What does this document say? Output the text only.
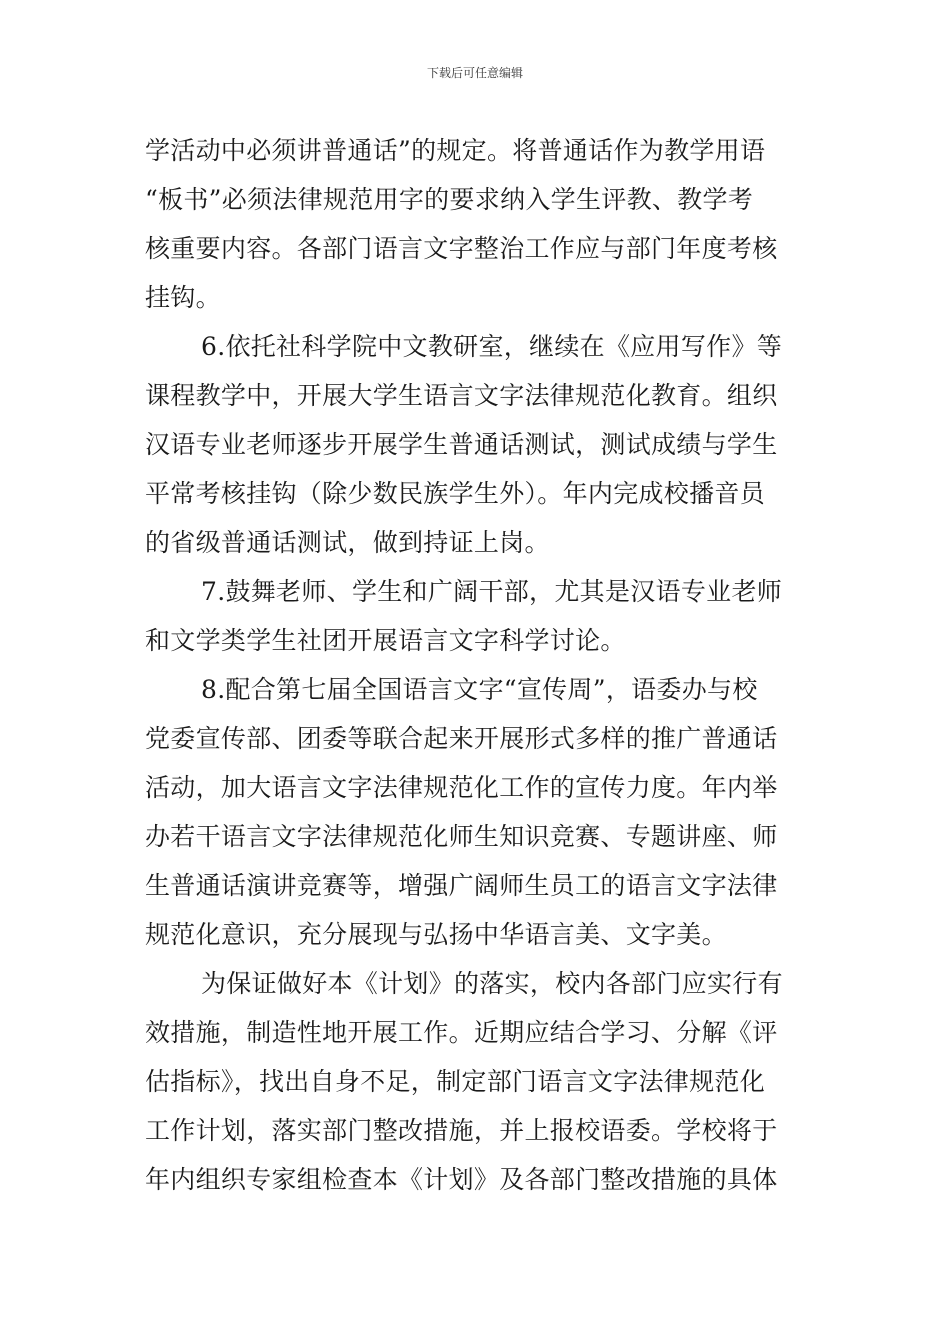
下载后可任意编辑
学活动中必须讲普通话”的规定。将普通话作为教学用语
“板书”必须法律规范用字的要求纳入学生评教、教学考
核重要内容。各部门语言文字整治工作应与部门年度考核
挂钩。
6.依托社科学院中文教研室，继续在《应用写作》等
课程教学中，开展大学生语言文字法律规范化教育。组织
汉语专业老师逐步开展学生普通话测试，测试成绩与学生
平常考核挂钩（除少数民族学生外）。年内完成校播音员
的省级普通话测试，做到持证上岗。
7.鼓舞老师、学生和广阔干部，尤其是汉语专业老师
和文学类学生社团开展语言文字科学讨论。
8.配合第七届全国语言文字“宣传周”，语委办与校
党委宣传部、团委等联合起来开展形式多样的推广普通话
活动，加大语言文字法律规范化工作的宣传力度。年内举
办若干语言文字法律规范化师生知识竞赛、专题讲座、师
生普通话演讲竞赛等，增强广阔师生员工的语言文字法律
规范化意识，充分展现与弘扬中华语言美、文字美。
为保证做好本《计划》的落实，校内各部门应实行有
效措施，制造性地开展工作。近期应结合学习、分解《评
估指标》，找出自身不足，制定部门语言文字法律规范化
工作计划，落实部门整改措施，并上报校语委。学校将于
年内组织专家组检查本《计划》及各部门整改措施的具体
